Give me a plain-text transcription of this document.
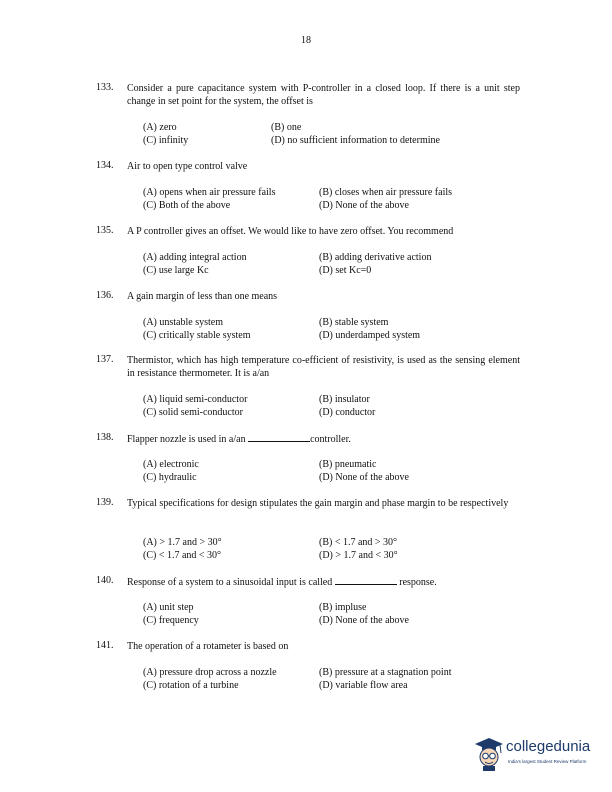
18
133. Consider a pure capacitance system with P-controller in a closed loop. If there is a unit step change in set point for the system, the offset is
(A) zero	(B) one
(C) infinity	(D) no sufficient information to determine
134. Air to open type control valve
(A) opens when air pressure fails	(B) closes when air pressure fails
(C) Both of the above	(D) None of the above
135. A P controller gives an offset. We would like to have zero offset. You recommend
(A) adding integral action	(B) adding derivative action
(C) use large Kc	(D) set Kc=0
136. A gain margin of less than one means
(A) unstable system	(B) stable system
(C) critically stable system	(D) underdamped system
137. Thermistor, which has high temperature co-efficient of resistivity, is used as the sensing element in resistance thermometer. It is a/an
(A) liquid semi-conductor	(B) insulator
(C) solid semi-conductor	(D) conductor
138. Flapper nozzle is used in a/an	controller.
(A) electronic	(B) pneumatic
(C) hydraulic	(D) None of the above
139. Typical specifications for design stipulates the gain margin and phase margin to be respectively
(A) > 1.7 and > 30°	(B) < 1.7 and > 30°
(C) < 1.7 and < 30°	(D) > 1.7 and < 30°
140. Response of a system to a sinusoidal input is called	response.
(A) unit step	(B) impluse
(C) frequency	(D) None of the above
141. The operation of a rotameter is based on
(A) pressure drop across a nozzle	(B) pressure at a stagnation point
(C) rotation of a turbine	(D) variable flow area
collegedunia
India's largest Student Review Platform
